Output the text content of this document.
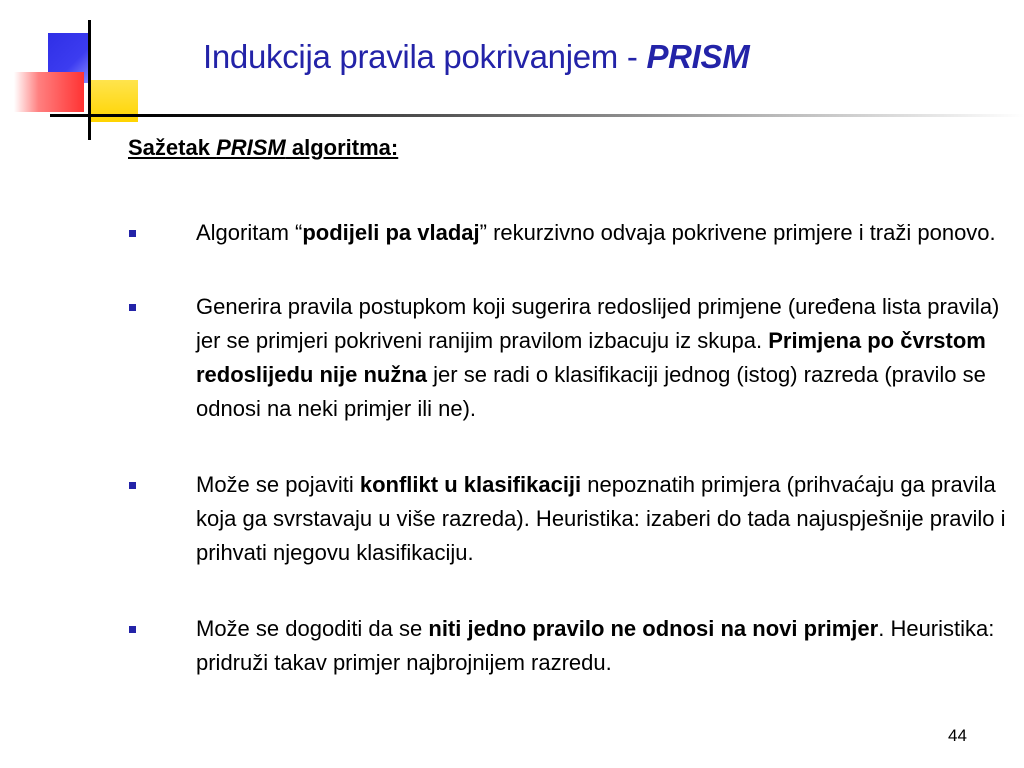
Indukcija pravila pokrivanjem - PRISM
Sažetak PRISM algoritma:
Algoritam “podijeli pa vladaj” rekurzivno odvaja pokrivene primjere i traži ponovo.
Generira pravila postupkom koji sugerira redoslijed primjene (uređena lista pravila) jer se primjeri pokriveni ranijim pravilom izbacuju iz skupa. Primjena po čvrstom redoslijedu nije nužna jer se radi o klasifikaciji jednog (istog) razreda (pravilo se odnosi na neki primjer ili ne).
Može se pojaviti konflikt u klasifikaciji nepoznatih primjera (prihvaćaju ga pravila koja ga svrstavaju u više razreda). Heuristika: izaberi do tada najuspješnije pravilo i prihvati njegovu klasifikaciju.
Može se dogoditi da se niti jedno pravilo ne odnosi na novi primjer. Heuristika: pridruži takav primjer najbrojnijem razredu.
44
